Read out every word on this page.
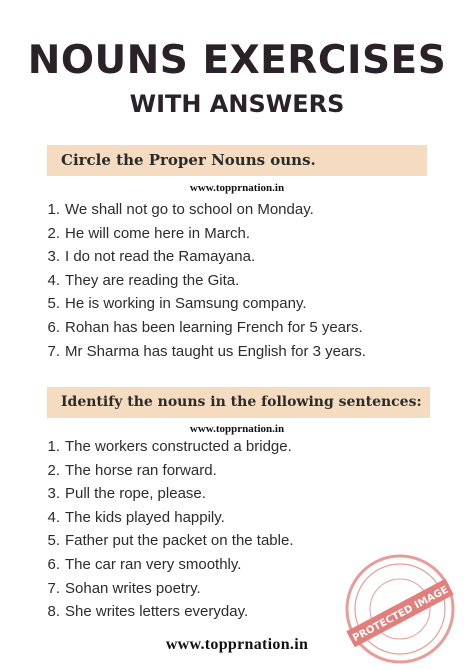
NOUNS EXERCISES
WITH ANSWERS
Circle the Proper Nouns ouns.
www.topprnation.in
1. We shall not go to school on Monday.
2. He will come here in March.
3. I do not read the Ramayana.
4. They are reading the Gita.
5. He is working in Samsung company.
6. Rohan has been learning French for 5 years.
7. Mr Sharma has taught us English for 3 years.
Identify the nouns in the following sentences:
www.topprnation.in
1. The workers constructed a bridge.
2. The horse ran forward.
3. Pull the rope, please.
4. The kids played happily.
5. Father put the packet on the table.
6. The car ran very smoothly.
7. Sohan writes poetry.
8. She writes letters everyday.	PROTECTED IMAGE
www.topprnation.in
